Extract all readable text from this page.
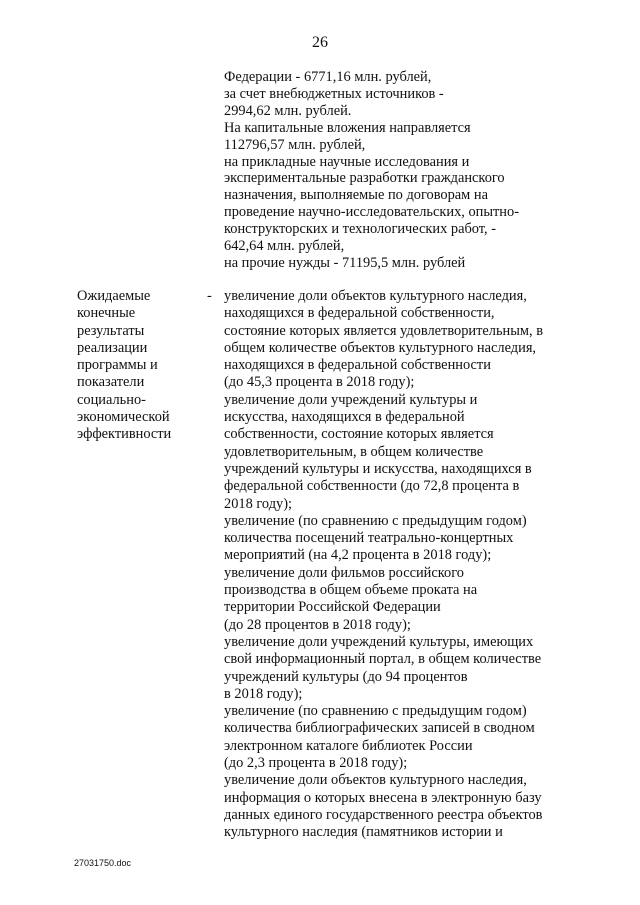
26
Федерации - 6771,16 млн. рублей,
за счет внебюджетных источников -
2994,62 млн. рублей.
На капитальные вложения направляется
112796,57 млн. рублей,
на прикладные научные исследования и
экспериментальные разработки гражданского
назначения, выполняемые по договорам на
проведение научно-исследовательских, опытно-
конструкторских и технологических работ, -
642,64 млн. рублей,
на прочие нужды - 71195,5 млн. рублей
Ожидаемые
конечные
результаты
реализации
программы и
показатели
социально-
экономической
эффективности
- увеличение доли объектов культурного наследия,
находящихся в федеральной собственности,
состояние которых является удовлетворительным, в
общем количестве объектов культурного наследия,
находящихся в федеральной собственности
(до 45,3 процента в 2018 году);
увеличение доли учреждений культуры и
искусства, находящихся в федеральной
собственности, состояние которых является
удовлетворительным, в общем количестве
учреждений культуры и искусства, находящихся в
федеральной собственности (до 72,8 процента в
2018 году);
увеличение (по сравнению с предыдущим годом)
количества посещений театрально-концертных
мероприятий (на 4,2 процента в 2018 году);
увеличение доли фильмов российского
производства в общем объеме проката на
территории Российской Федерации
(до 28 процентов в 2018 году);
увеличение доли учреждений культуры, имеющих
свой информационный портал, в общем количестве
учреждений культуры (до 94 процентов
в 2018 году);
увеличение (по сравнению с предыдущим годом)
количества библиографических записей в сводном
электронном каталоге библиотек России
(до 2,3 процента в 2018 году);
увеличение доли объектов культурного наследия,
информация о которых внесена в электронную базу
данных единого государственного реестра объектов
культурного наследия (памятников истории и
27031750.doc
